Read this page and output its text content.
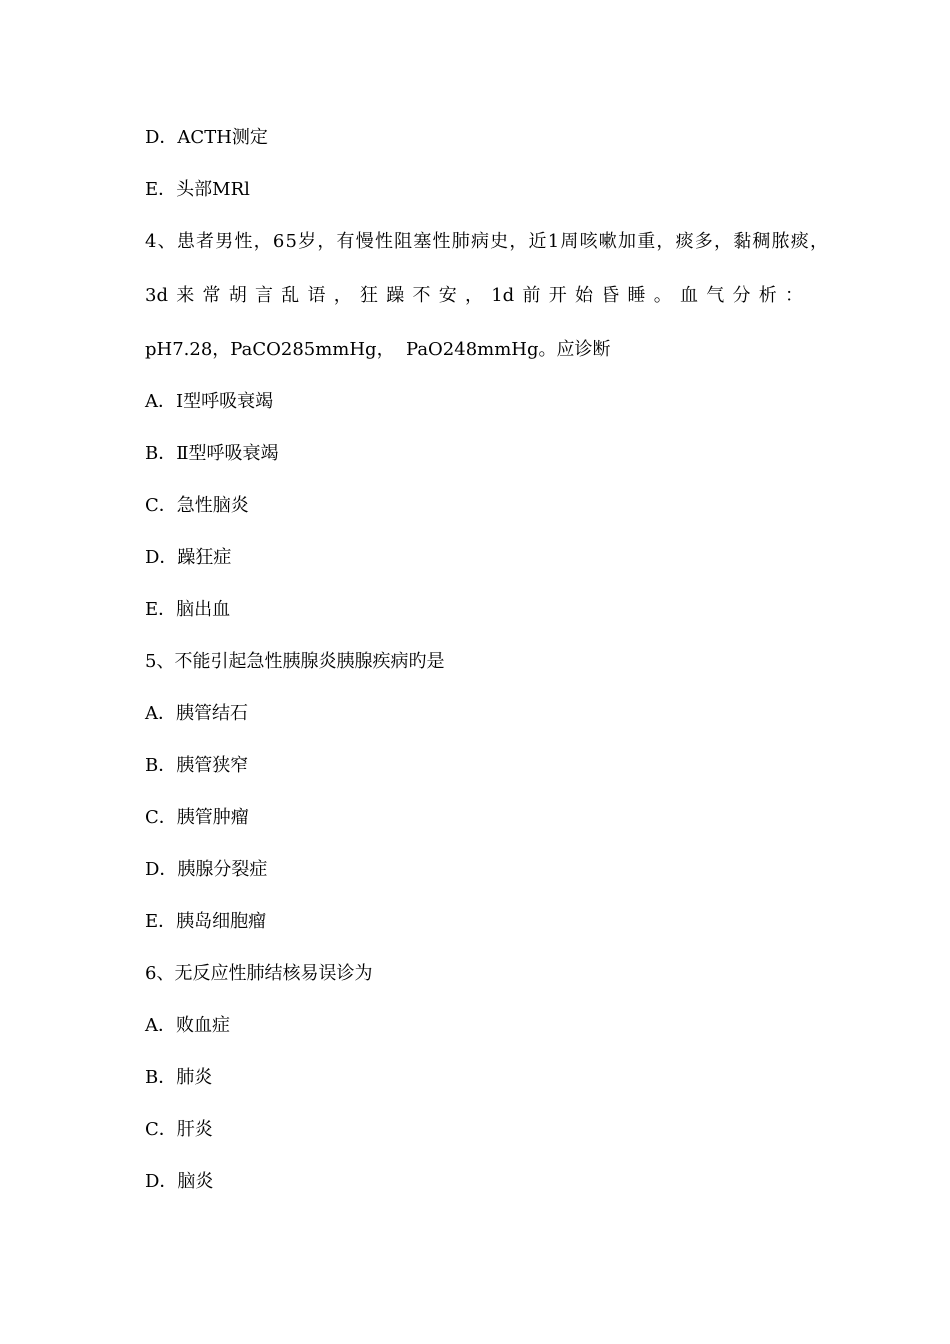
D．ACTH测定
E．头部MRl
4、患者男性，65岁，有慢性阻塞性肺病史，近1周咳嗽加重，痰多，黏稠脓痰，
3d 来 常 胡 言 乱 语 ， 狂 躁 不 安 ， 1d 前 开 始 昏 睡 。 血 气 分 析 ：
pH7.28，PaCO285mmHg，  PaO248mmHg。应诊断
A．Ⅰ型呼吸衰竭
B．Ⅱ型呼吸衰竭
C．急性脑炎
D．躁狂症
E．脑出血
5、不能引起急性胰腺炎胰腺疾病旳是
A．胰管结石
B．胰管狭窄
C．胰管肿瘤
D．胰腺分裂症
E．胰岛细胞瘤
6、无反应性肺结核易误诊为
A．败血症
B．肺炎
C．肝炎
D．脑炎
